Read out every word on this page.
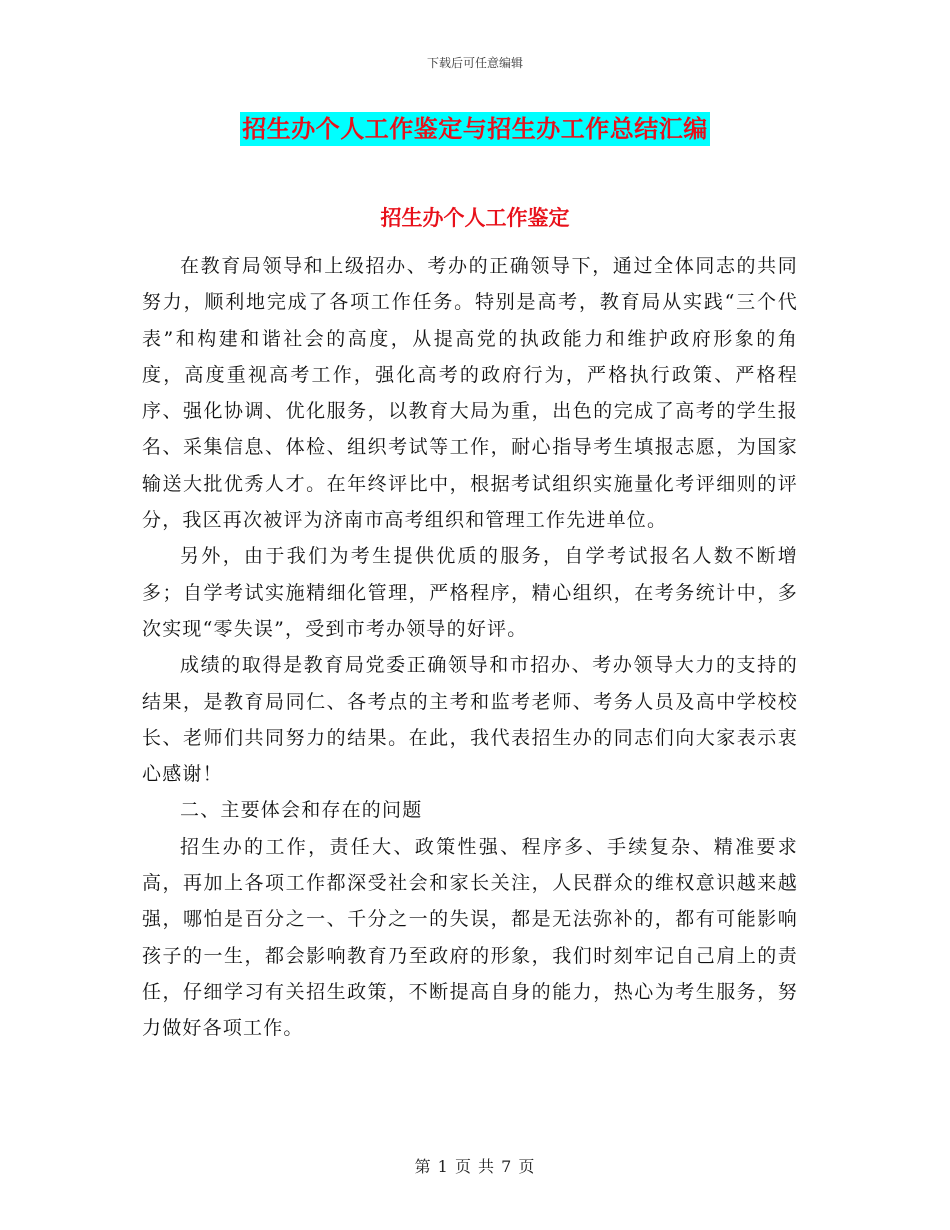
下载后可任意编辑
招生办个人工作鉴定与招生办工作总结汇编
招生办个人工作鉴定

在教育局领导和上级招办、考办的正确领导下，通过全体同志的共同努力，顺利地完成了各项工作任务。特别是高考，教育局从实践“三个代表”和构建和谐社会的高度，从提高党的执政能力和维护政府形象的角度，高度重视高考工作，强化高考的政府行为，严格执行政策、严格程序、强化协调、优化服务，以教育大局为重，出色的完成了高考的学生报名、采集信息、体检、组织考试等工作，耐心指导考生填报志愿，为国家输送大批优秀人才。在年终评比中，根据考试组织实施量化考评细则的评分，我区再次被评为济南市高考组织和管理工作先进单位。

另外，由于我们为考生提供优质的服务，自学考试报名人数不断增多；自学考试实施精细化管理，严格程序，精心组织，在考务统计中，多次实现“零失误”，受到市考办领导的好评。

成绩的取得是教育局党委正确领导和市招办、考办领导大力的支持的结果，是教育局同仁、各考点的主考和监考老师、考务人员及高中学校校长、老师们共同努力的结果。在此，我代表招生办的同志们向大家表示衷心感谢！

二、主要体会和存在的问题

招生办的工作，责任大、政策性强、程序多、手续复杂、精准要求高，再加上各项工作都深受社会和家长关注，人民群众的维权意识越来越强，哪怕是百分之一、千分之一的失误，都是无法弥补的，都有可能影响孩子的一生，都会影响教育乃至政府的形象，我们时刻牢记自己肩上的责任，仔细学习有关招生政策，不断提高自身的能力，热心为考生服务，努力做好各项工作。

第 1 页 共 7 页
